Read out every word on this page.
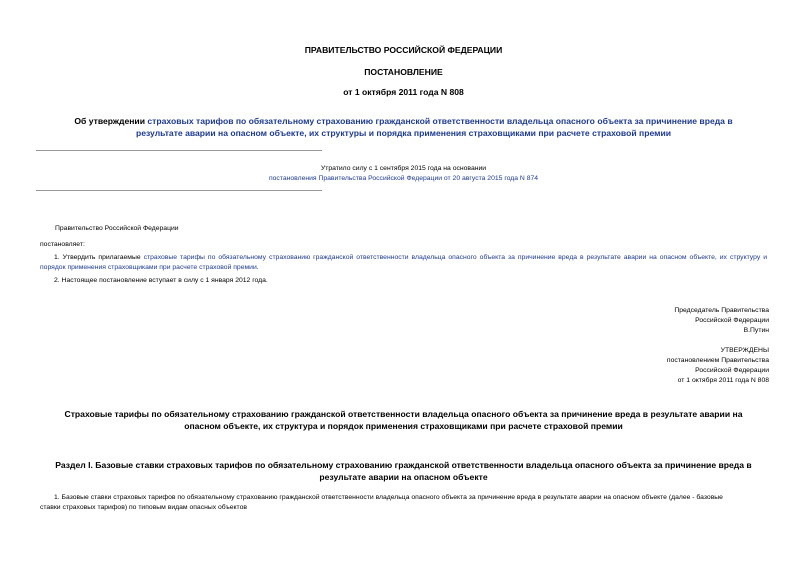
ПРАВИТЕЛЬСТВО РОССИЙСКОЙ ФЕДЕРАЦИИ
ПОСТАНОВЛЕНИЕ
от 1 октября 2011 года N 808
Об утверждении страховых тарифов по обязательному страхованию гражданской ответственности владельца опасного объекта за причинение вреда в
результате аварии на опасном объекте, их структуры и порядка применения страховщиками при расчете страховой премии
Утратило силу с 1 сентября 2015 года на основании
постановления Правительства Российской Федерации от 20 августа 2015 года N 874
Правительство Российской Федерации
постановляет:
1. Утвердить прилагаемые страховые тарифы по обязательному страхованию гражданской ответственности владельца опасного объекта за причинение вреда в результате аварии на опасном объекте, их структуру и порядок применения страховщиками при расчете страховой премии.
2. Настоящее постановление вступает в силу с 1 января 2012 года.
Председатель Правительства
Российской Федерации
В.Путин
УТВЕРЖДЕНЫ
постановлением Правительства
Российской Федерации
от 1 октября 2011 года N 808
Страховые тарифы по обязательному страхованию гражданской ответственности владельца опасного объекта за причинение вреда в результате аварии на
опасном объекте, их структура и порядок применения страховщиками при расчете страховой премии
Раздел I. Базовые ставки страховых тарифов по обязательному страхованию гражданской ответственности владельца опасного объекта за причинение вреда в
результате аварии на опасном объекте
1. Базовые ставки страховых тарифов по обязательному страхованию гражданской ответственности владельца опасного объекта за причинение вреда в результате аварии на опасном объекте (далее - базовые
ставки страховых тарифов) по типовым видам опасных объектов
